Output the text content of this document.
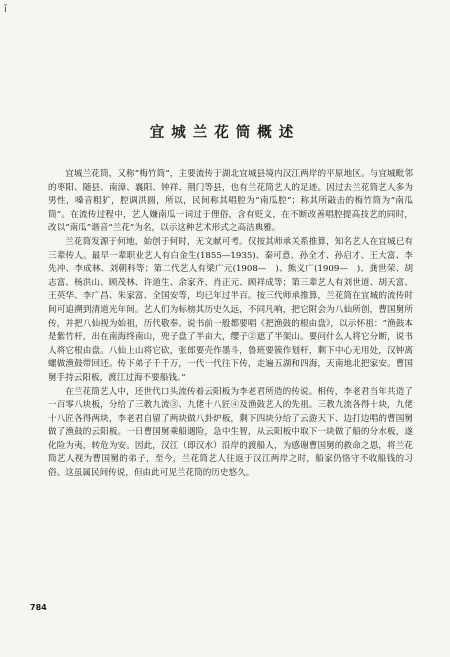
ī
宜城兰花筒概述

宜城兰花筒，又称“梅竹筒”，主要流传于湖北宜城县境内汉江两岸的平原地区。与宜城毗邻的枣阳、随县、南漳、襄阳、钟祥、荆门等县，也有兰花筒艺人的足迹。因过去兰花筒艺人多为男性，嗓音粗犷，腔调洪圆，所以，民间称其唱腔为“南瓜腔”；称其所敲击的梅竹筒为“南瓜筒”。在流传过程中，艺人嫌南瓜一词过于俚俗，含有贬义，在不断改善唱腔提高技艺的同时，改以“南瓜”谐音“兰花”为名，以示这种艺术形式之高洁典雅。

兰花筒发源于何地，始创于何时，无文献可考。仅按其师承关系推算，知名艺人在宜城已有三辈传人。最早一辈职业艺人有白金生(1855—1935)、秦可意、孙全才、孙启才、王大富、李先冲、李成林、刘朝科等；第二代艺人有梁广元(1908—　)、熊义广(1909—　)、龚世荣、胡志富、杨洪山、顾茂林、许道生、余家齐、肖正元、顾祥成等；第三辈艺人有刘世道、胡天富、王英华、李广昌、朱家富、全国安等，均已年过半百。按三代师承推算，兰花筒在宜城的流传时间可追溯到清道光年间。艺人们为标榜其历史久远，不同凡响，把它附会为八仙所创，曹国舅所传，并把八仙视为始祖，历代敬奉。说书前一般都要唱《把渔鼓的根由盘》，以示怀祖：“渔鼓本是紫竹杆，出在南海终南山，兜子盘了半亩大，缨子②遮了半架山。要问什么人将它分断，说书人将它根由盘。八仙上山将它砍，张郎要壳作墨斗，鲁班要簇作划杆，剩下中心无用处，汉钟离螺做渔鼓带回还。传下弟子千千万，一代一代往下传，走遍五湖和四海，天南地北把家安。曹国舅手持云阳板，渡江过海不要船钱。”

在兰花筒艺人中，还世代口头流传着云阳板为李老君所造的传说。相传，李老君当年共造了一百零八块板，分给了三教九流③、九佬十八匠④及渔鼓艺人的先祖。三教九流各得十块，九佬十八匠各得两块，李老君自留了两块做八卦炉板，剩下四块分给了云游天下、边打边唱的曹国舅做了渔鼓的云阳板。一日曹国舅乘船遇险，急中生智，从云阳板中取下一块做了船的分水板，遂化险为夷，转危为安。因此，汉江（即汉水）沿岸的渡船人，为感谢曹国舅的救命之恩，将兰花筒艺人视为曹国舅的弟子，至今，兰花筒艺人往返于汉江两岸之时，船家仍恪守不收船钱的习俗。这虽属民间传说，但由此可见兰花筒的历史悠久。

784
